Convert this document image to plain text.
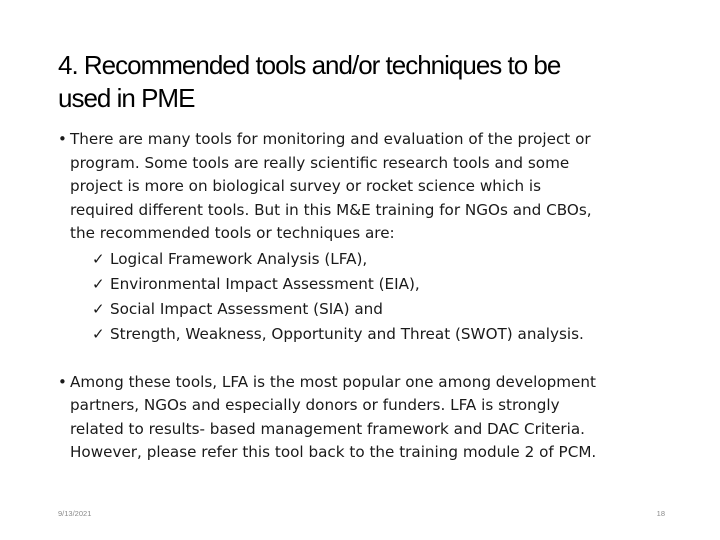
4. Recommended tools and/or techniques to be
used in PME
• There are many tools for monitoring and evaluation of the project or
program. Some tools are really scientific research tools and some
project is more on biological survey or rocket science which is
required different tools. But in this M&E training for NGOs and CBOs,
the recommended tools or techniques are:
✓ Logical Framework Analysis (LFA),
✓ Environmental Impact Assessment (EIA),
✓ Social Impact Assessment (SIA) and
✓ Strength, Weakness, Opportunity and Threat (SWOT) analysis.
• Among these tools, LFA is the most popular one among development
partners, NGOs and especially donors or funders. LFA is strongly
related to results- based management framework and DAC Criteria.
However, please refer this tool back to the training module 2 of PCM.
9/13/2021	18
